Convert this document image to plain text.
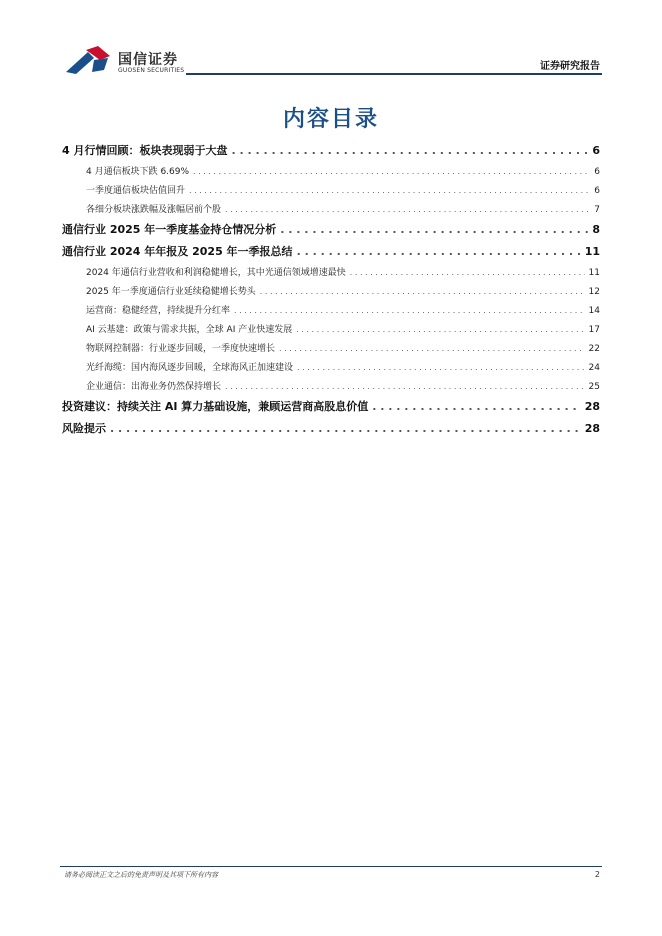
国信证券
GUOSEN SECURITIES	证券研究报告
内容目录
4 月行情回顾：板块表现弱于大盘 . . .	6
4 月通信板块下跌 6.69% . . .	6
一季度通信板块估值回升 . . .	6
各细分板块涨跌幅及涨幅居前个股 . . .	7
通信行业 2025 年一季度基金持仓情况分析 . . .	8
通信行业 2024 年年报及 2025 年一季报总结 . . .	11
2024 年通信行业营收和利润稳健增长，其中光通信领域增速最快 . . .	11
2025 年一季度通信行业延续稳健增长势头 . . .	12
运营商：稳健经营，持续提升分红率 . . .	14
AI 云基建：政策与需求共振，全球 AI 产业快速发展 . . .	17
物联网控制器：行业逐步回暖，一季度快速增长 . . .	22
光纤海缆：国内海风逐步回暖，全球海风正加速建设 . . .	24
企业通信：出海业务仍然保持增长 . . .	25
投资建议：持续关注 AI 算力基础设施，兼顾运营商高股息价值 . . .	28
风险提示 . . .	28
请务必阅读正文之后的免责声明及其项下所有内容	2
